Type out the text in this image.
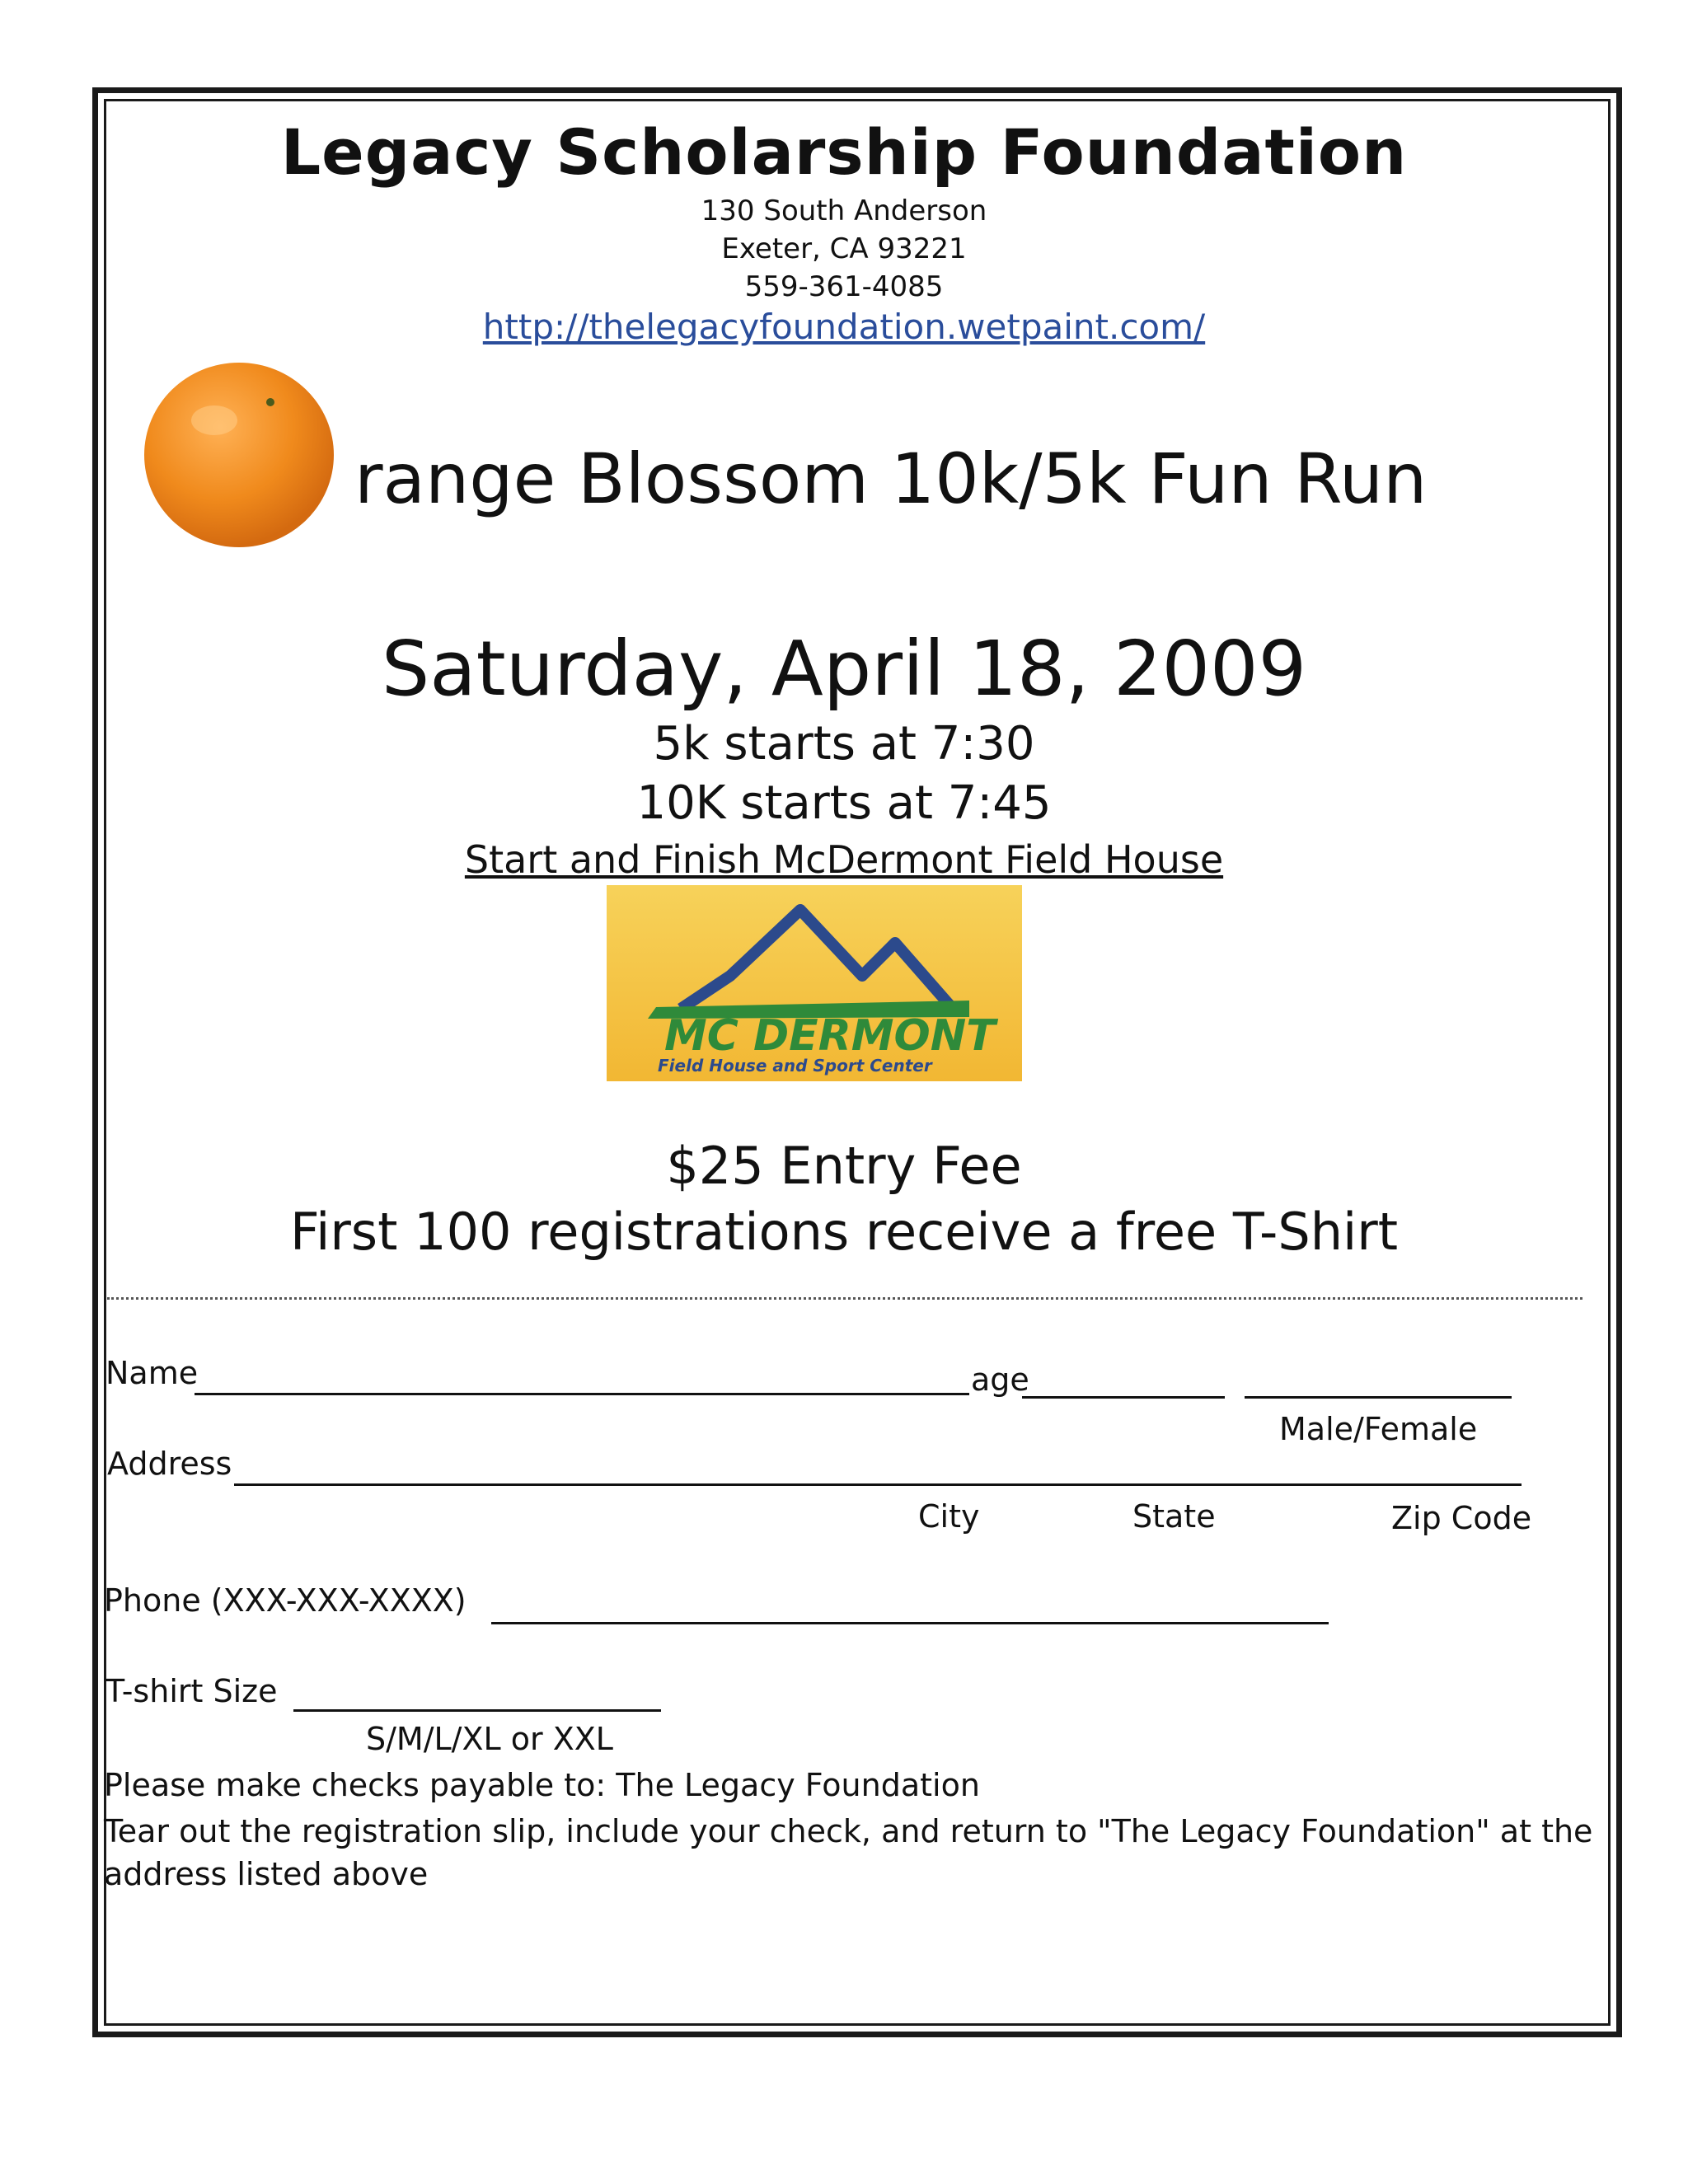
Legacy Scholarship Foundation
130 South Anderson
Exeter, CA 93221
559-361-4085
http://thelegacyfoundation.wetpaint.com/
range Blossom 10k/5k Fun Run
Saturday, April 18, 2009
5k starts at 7:30
10K starts at 7:45
Start and Finish McDermont Field House
MC DERMONT
Field House and Sport Center
$25 Entry Fee
First 100 registrations receive a free T-Shirt
Name	age
Male/Female
Address
City	State	Zip Code
Phone (XXX-XXX-XXXX)
T-shirt Size
S/M/L/XL or XXL
Please make checks payable to: The Legacy Foundation
Tear out the registration slip, include your check, and return to "The Legacy Foundation" at the
address listed above
